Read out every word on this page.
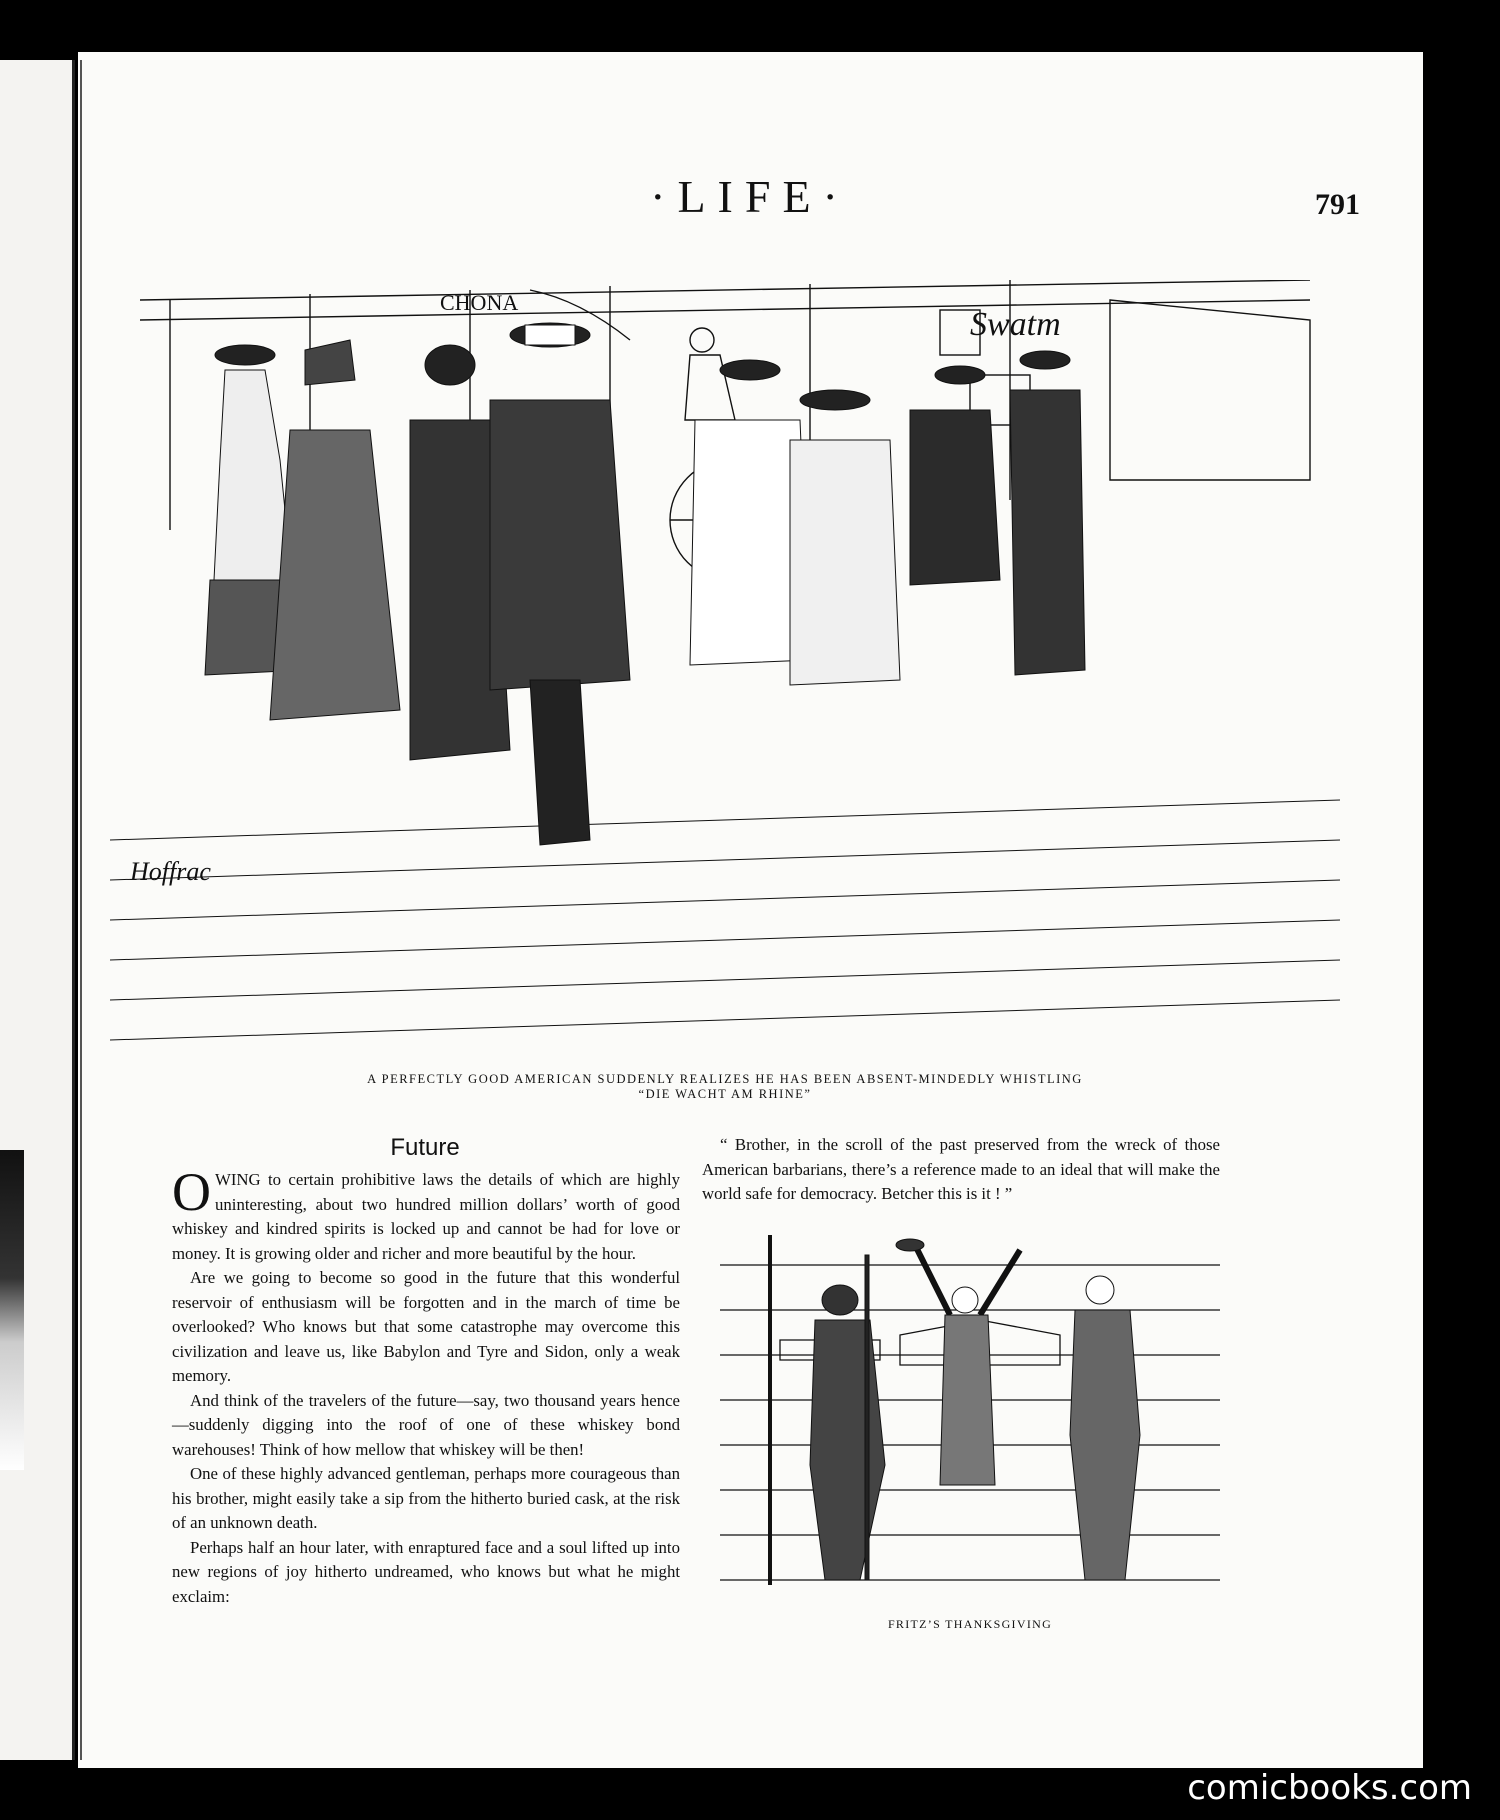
·LIFE·	791
CHONA
Swatm
Hoffrac
A PERFECTLY GOOD AMERICAN SUDDENLY REALIZES HE HAS BEEN ABSENT-MINDEDLY WHISTLING
“DIE WACHT AM RHINE”
Future

OWING to certain prohibitive laws the details of which are highly uninteresting, about two hundred million dollars’ worth of good whiskey and kindred spirits is locked up and cannot be had for love or money. It is growing older and richer and more beautiful by the hour.

Are we going to become so good in the future that this wonderful reservoir of enthusiasm will be forgotten and in the march of time be overlooked? Who knows but that some catastrophe may overcome this civilization and leave us, like Babylon and Tyre and Sidon, only a weak memory.

And think of the travelers of the future—say, two thousand years hence—suddenly digging into the roof of one of these whiskey bond warehouses! Think of how mellow that whiskey will be then!

One of these highly advanced gentleman, perhaps more courageous than his brother, might easily take a sip from the hitherto buried cask, at the risk of an unknown death.

Perhaps half an hour later, with enraptured face and a soul lifted up into new regions of joy hitherto undreamed, who knows but what he might exclaim:

“ Brother, in the scroll of the past preserved from the wreck of those American barbarians, there’s a reference made to an ideal that will make the world safe for democracy. Betcher this is it ! ”

FRITZ’S THANKSGIVING
comicbooks.com
